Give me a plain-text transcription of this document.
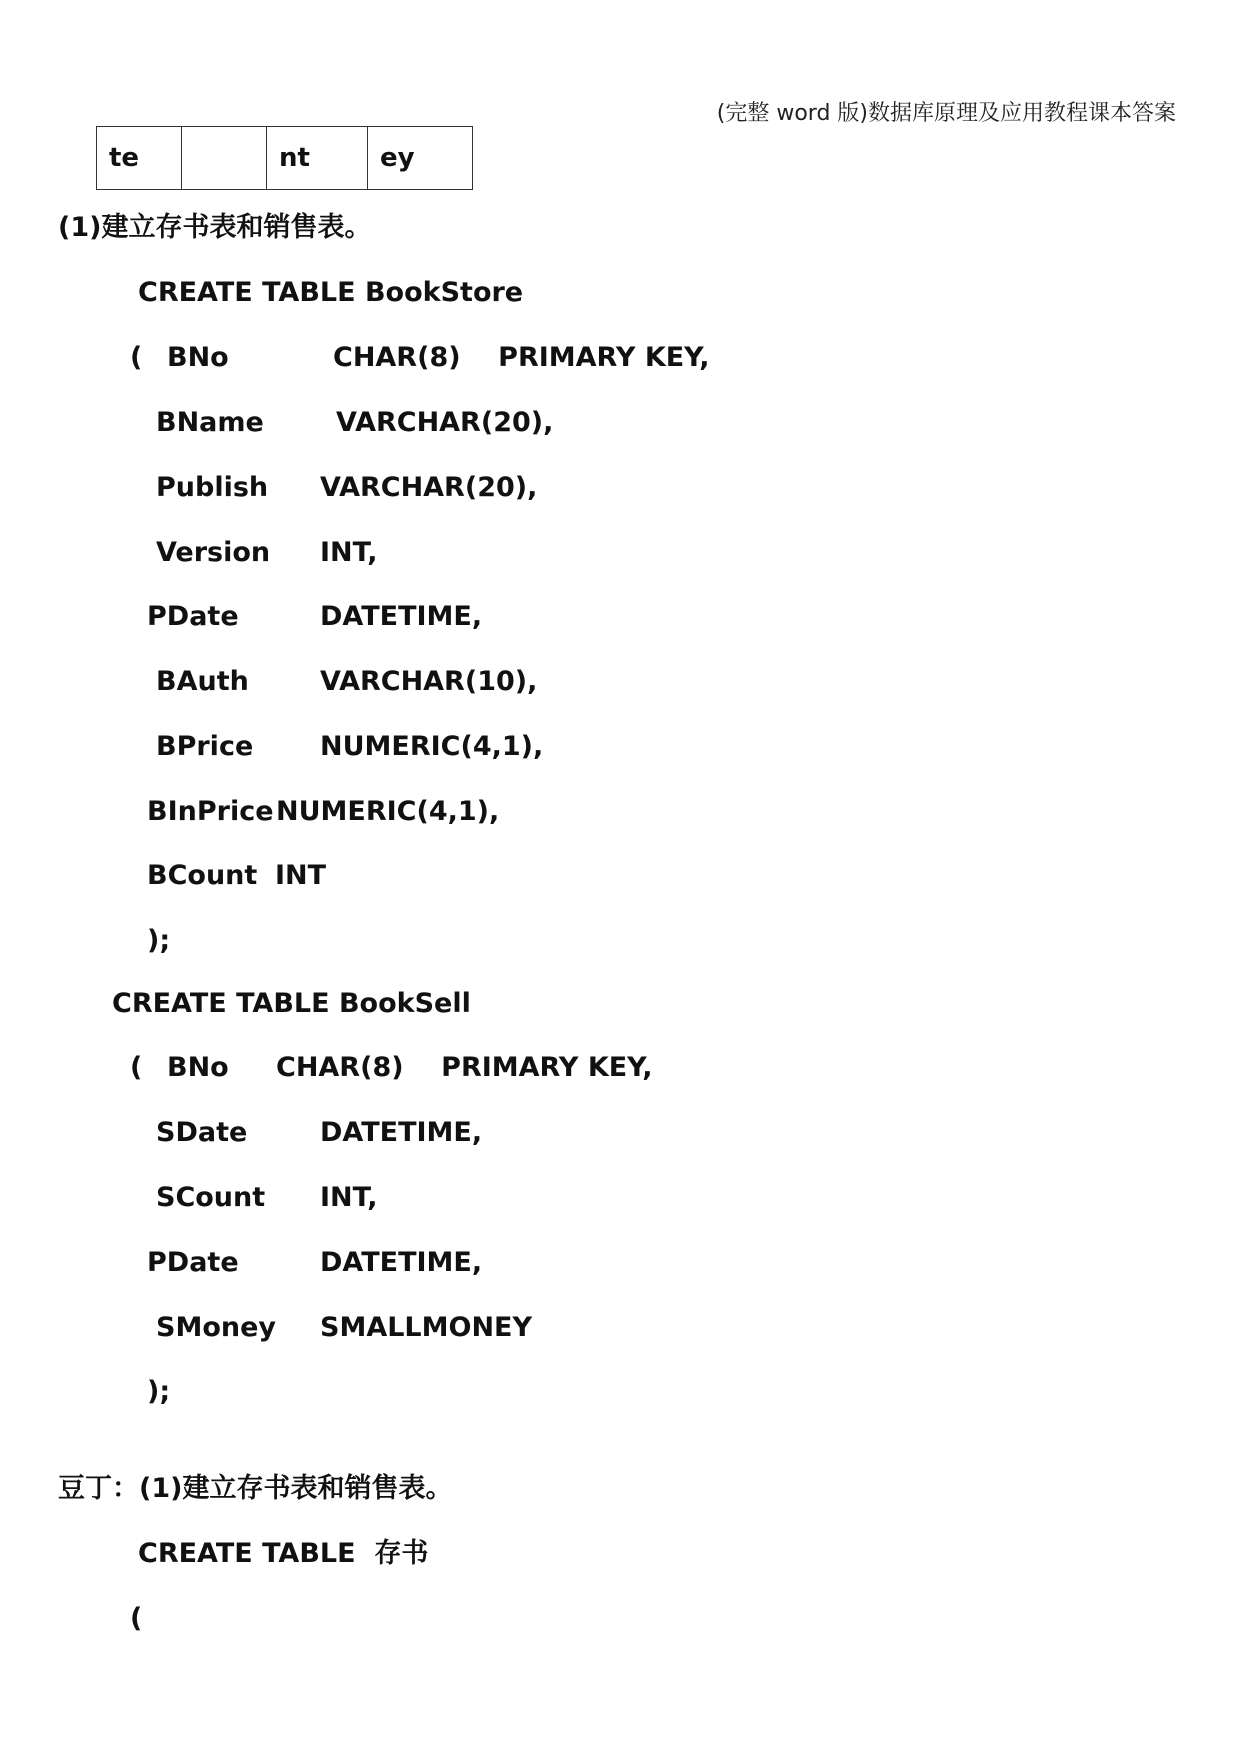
(完整 word 版)数据库原理及应用教程课本答案
te		nt	ey
(1)建立存书表和销售表。
CREATE TABLE BookStore
( BNo	CHAR(8)    PRIMARY KEY,
BName	VARCHAR(20),
Publish VARCHAR(20),
Version INT,
PDate	DATETIME,
BAuth	VARCHAR(10),
BPrice NUMERIC(4,1),
BInPrice NUMERIC(4,1),
BCount INT
);
CREATE TABLE BookSell
( BNo CHAR(8)    PRIMARY KEY,
SDate	DATETIME,
SCount INT,
PDate	DATETIME,
SMoney SMALLMONEY
);
豆丁：(1)建立存书表和销售表。
CREATE TABLE  存书
(
